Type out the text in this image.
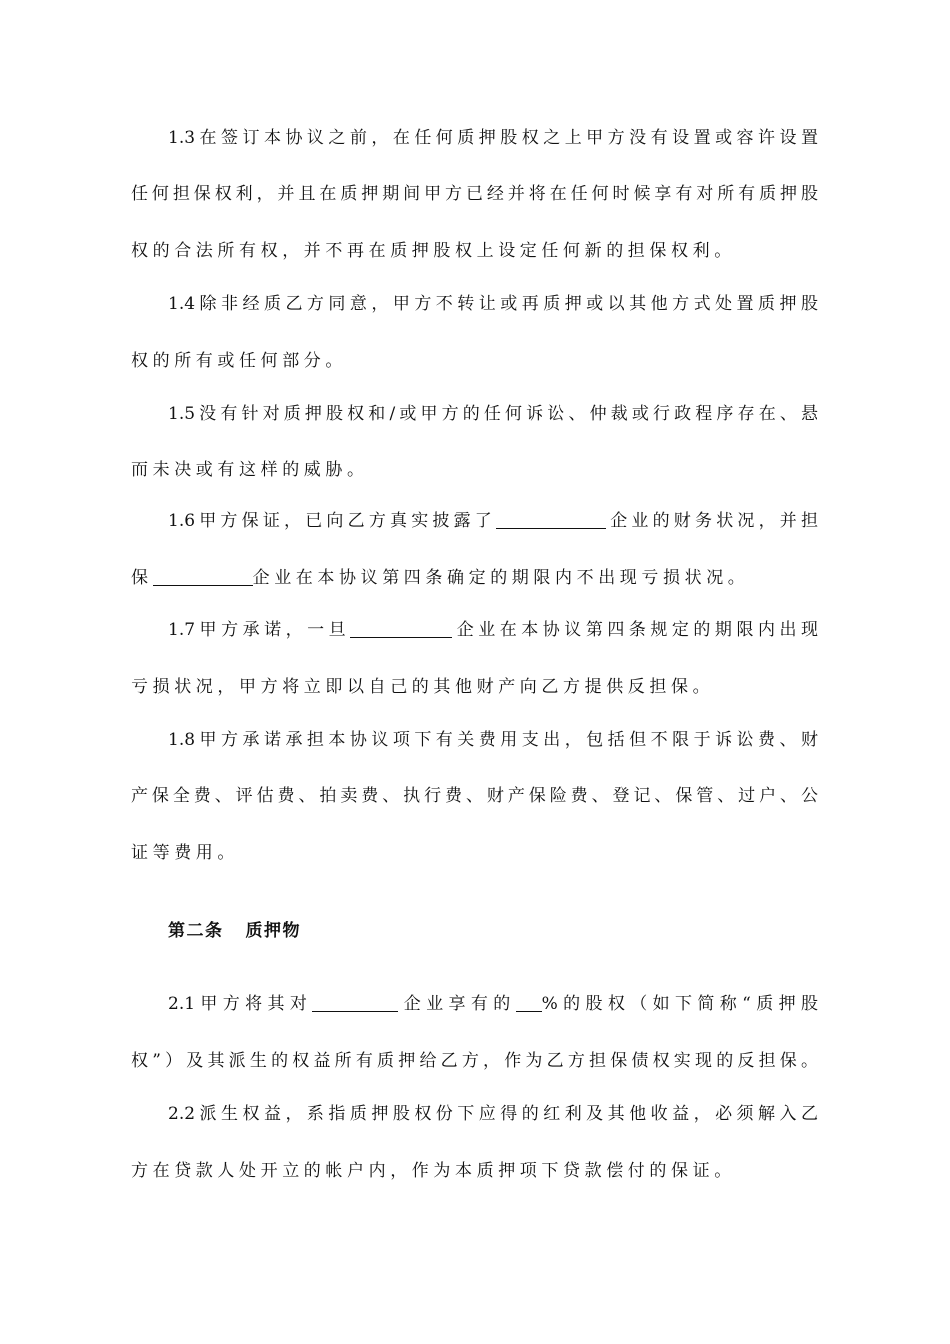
1.3在签订本协议之前，在任何质押股权之上甲方没有设置或容许设置

任何担保权利，并且在质押期间甲方已经并将在任何时候享有对所有质押股

权的合法所有权，并不再在质押股权上设定任何新的担保权利。

1.4除非经质乙方同意，甲方不转让或再质押或以其他方式处置质押股

权的所有或任何部分。

1.5没有针对质押股权和/或甲方的任何诉讼、仲裁或行政程序存在、悬

而未决或有这样的威胁。

1.6甲方保证，已向乙方真实披露了	企业的财务状况，并担

保	企业在本协议第四条确定的期限内不出现亏损状况。

1.7甲方承诺，一旦	企业在本协议第四条规定的期限内出现

亏损状况，甲方将立即以自己的其他财产向乙方提供反担保。

1.8甲方承诺承担本协议项下有关费用支出，包括但不限于诉讼费、财

产保全费、评估费、拍卖费、执行费、财产保险费、登记、保管、过户、公

证等费用。

第二条 质押物

2.1甲方将其对	企业享有的 %的股权（如下简称“质押股

权”）及其派生的权益所有质押给乙方，作为乙方担保债权实现的反担保。

2.2派生权益，系指质押股权份下应得的红利及其他收益，必须解入乙

方在贷款人处开立的帐户内，作为本质押项下贷款偿付的保证。
